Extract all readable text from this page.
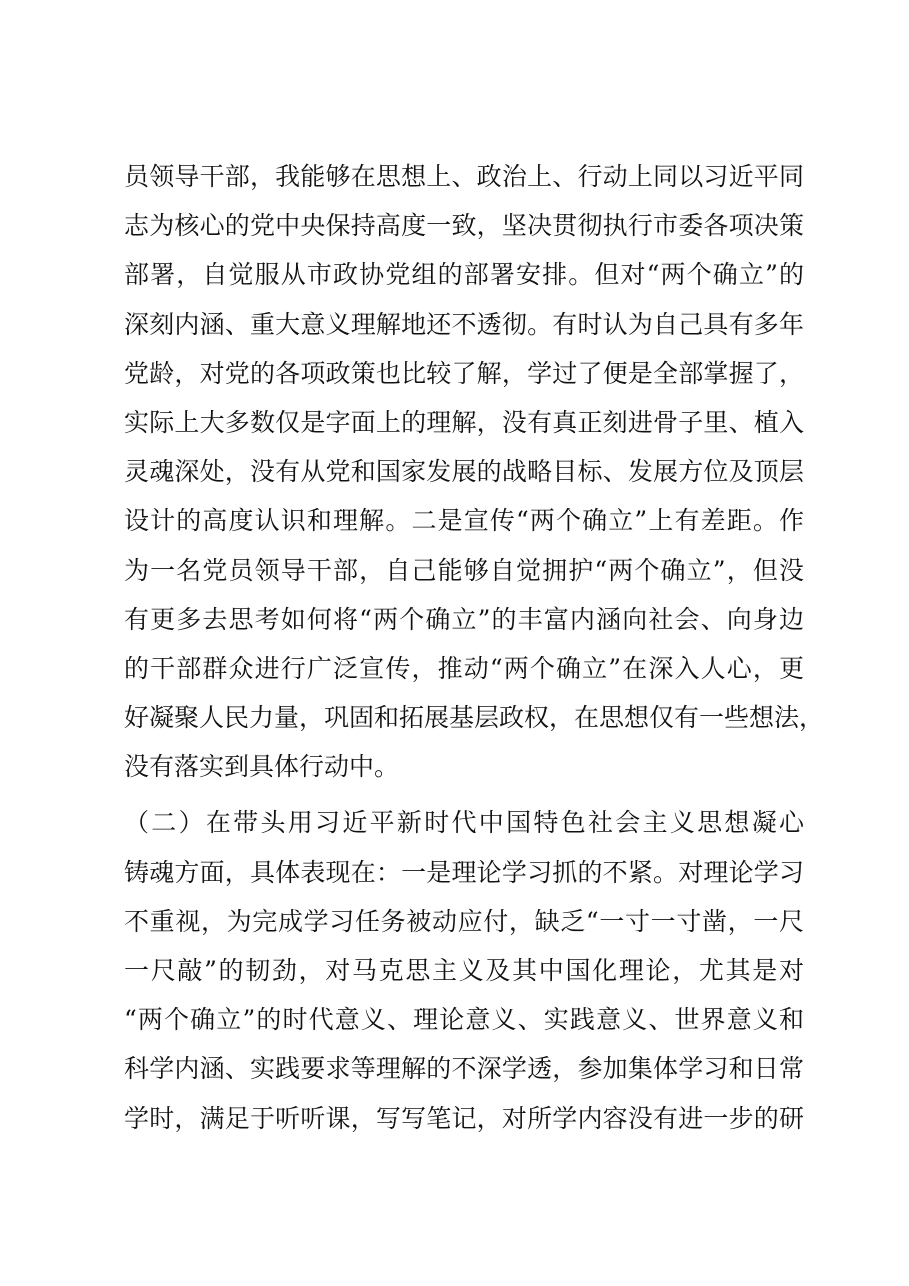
员领导干部，我能够在思想上、政治上、行动上同以习近平同
志为核心的党中央保持高度一致，坚决贯彻执行市委各项决策
部署，自觉服从市政协党组的部署安排。但对“两个确立”的
深刻内涵、重大意义理解地还不透彻。有时认为自己具有多年
党龄，对党的各项政策也比较了解，学过了便是全部掌握了，
实际上大多数仅是字面上的理解，没有真正刻进骨子里、植入
灵魂深处，没有从党和国家发展的战略目标、发展方位及顶层
设计的高度认识和理解。二是宣传“两个确立”上有差距。作
为一名党员领导干部，自己能够自觉拥护“两个确立”，但没
有更多去思考如何将“两个确立”的丰富内涵向社会、向身边
的干部群众进行广泛宣传，推动“两个确立”在深入人心，更
好凝聚人民力量，巩固和拓展基层政权，在思想仅有一些想法，
没有落实到具体行动中。
（二）在带头用习近平新时代中国特色社会主义思想凝心
铸魂方面，具体表现在：一是理论学习抓的不紧。对理论学习
不重视，为完成学习任务被动应付，缺乏“一寸一寸凿，一尺
一尺敲”的韧劲，对马克思主义及其中国化理论，尤其是对
“两个确立”的时代意义、理论意义、实践意义、世界意义和
科学内涵、实践要求等理解的不深学透，参加集体学习和日常
学时，满足于听听课，写写笔记，对所学内容没有进一步的研
